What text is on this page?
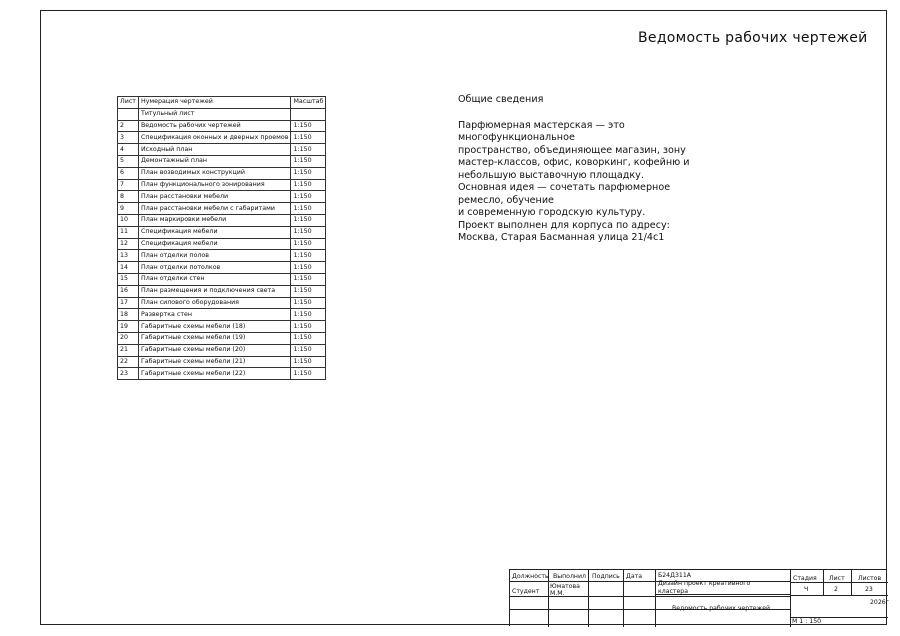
Ведомость рабочих чертежей
Лист	Нумерация чертежей	Масштаб
	Титульный лист	
2	Ведомость рабочих чертежей	1:150
3	Спецификация оконных и дверных проемов	1:150
4	Исходный план	1:150
5	Демонтажный план	1:150
6	План возводимых конструкций	1:150
7	План функционального зонирования	1:150
8	План расстановки мебели	1:150
9	План расстановки мебели с габаритами	1:150
10	План маркировки мебели	1:150
11	Спецификация мебели	1:150
12	Спецификация мебели	1:150
13	План отделки полов	1:150
14	План отделки потолков	1:150
15	План отделки стен	1:150
16	План размещения и подключения света	1:150
17	План силового оборудования	1:150
18	Развертка стен	1:150
19	Габаритные схемы мебели (18)	1:150
20	Габаритные схемы мебели (19)	1:150
21	Габаритные схемы мебели (20)	1:150
22	Габаритные схемы мебели (21)	1:150
23	Габаритные схемы мебели (22)	1:150
Общие сведения
Парфюмерная мастерская — это
многофункциональное
пространство, объединяющее магазин, зону
мастер-классов, офис, коворкинг, кофейню и
небольшую выставочную площадку.
Основная идея — сочетать парфюмерное
ремесло, обучение
и современную городскую культуру.
Проект выполнен для корпуса по адресу:
Москва, Старая Басманная улица 21/4с1
Должность Выполнил Подпись Дата
Студент
Юматова
М.М.
Б24Д311А
Дизайн проект креативного
кластера
Ведомость рабочих чертежей
Стадия Лист Листов
Ч	2	23
2026г
М 1 : 150
